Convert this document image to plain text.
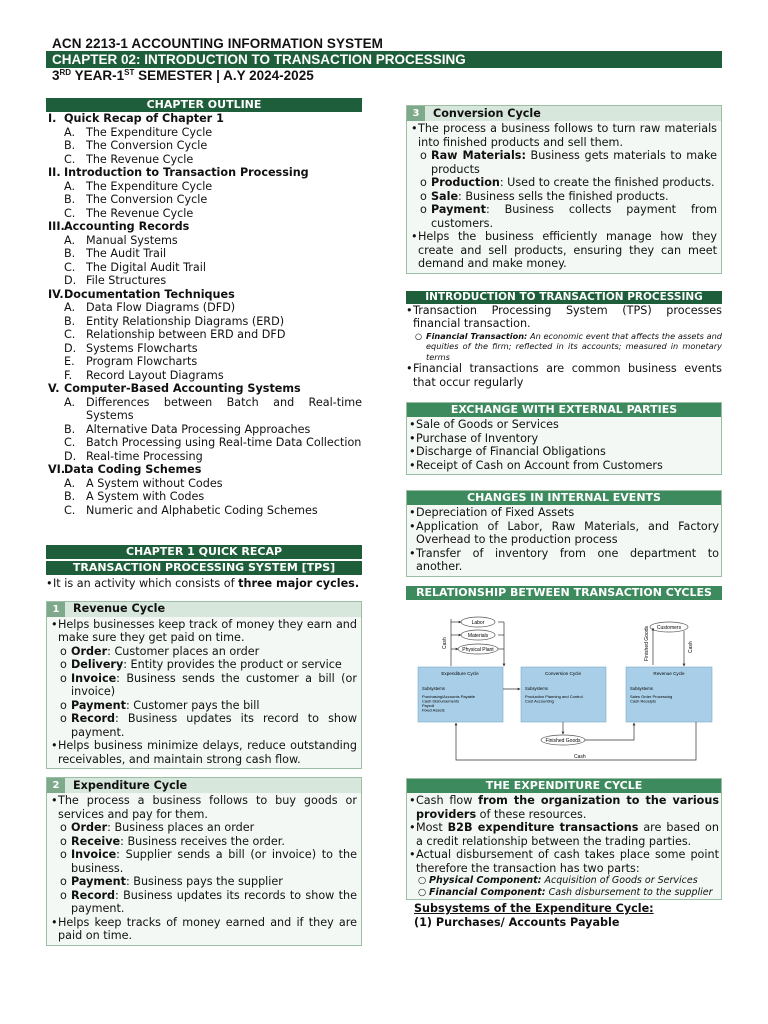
ACN 2213-1 ACCOUNTING INFORMATION SYSTEM
CHAPTER 02: INTRODUCTION TO TRANSACTION PROCESSING
3RD YEAR-1ST SEMESTER | A.Y 2024-2025
CHAPTER OUTLINE
I. Quick Recap of Chapter 1
A. The Expenditure Cycle
B. The Conversion Cycle
C. The Revenue Cycle
II. Introduction to Transaction Processing
A. The Expenditure Cycle
B. The Conversion Cycle
C. The Revenue Cycle
III. Accounting Records
A. Manual Systems
B. The Audit Trail
C. The Digital Audit Trail
D. File Structures
IV. Documentation Techniques
A. Data Flow Diagrams (DFD)
B. Entity Relationship Diagrams (ERD)
C. Relationship between ERD and DFD
D. Systems Flowcharts
E.	Program Flowcharts
F.	Record Layout Diagrams
V. Computer-Based Accounting Systems
A. Differences between Batch and Real-time Systems
B. Alternative Data Processing Approaches
C. Batch Processing using Real-time Data Collection
D. Real-time Processing
VI.
Data Coding Schemes
A. A System without Codes
B. A System with Codes
C. Numeric and Alphabetic Coding Schemes
CHAPTER 1 QUICK RECAP
TRANSACTION PROCESSING SYSTEM [TPS]
• It is an activity which consists of three major cycles.
1	Revenue Cycle
• Helps businesses keep track of money they earn and make sure they get paid on time.
o Order: Customer places an order
o Delivery: Entity provides the product or service
o Invoice: Business sends the customer a bill (or invoice)
o Payment: Customer pays the bill
o Record: Business updates its record to show payment.
• Helps business minimize delays, reduce outstanding receivables, and maintain strong cash flow.
2	Expenditure Cycle
• The process a business follows to buy goods or services and pay for them.
o Order: Business places an order
o Receive: Business receives the order.
o Invoice: Supplier sends a bill (or invoice) to the business.
o Payment: Business pays the supplier
o Record: Business updates its records to show the payment.
• Helps keep tracks of money earned and if they are paid on time.
3	Conversion Cycle
• The process a business follows to turn raw materials into finished products and sell them.
o Raw Materials: Business gets materials to make products
o Production: Used to create the finished products.
o Sale: Business sells the finished products.
o Payment: Business collects payment from customers.
• Helps the business efficiently manage how they create and sell products, ensuring they can meet demand and make money.
INTRODUCTION TO TRANSACTION PROCESSING
• Transaction Processing System (TPS) processes financial transaction.
○ Financial Transaction: An economic event that affects the assets and equities of the firm; reflected in its accounts; measured in monetary terms
• Financial transactions are common business events that occur regularly
EXCHANGE WITH EXTERNAL PARTIES
• Sale of Goods or Services
• Purchase of Inventory
• Discharge of Financial Obligations
• Receipt of Cash on Account from Customers
CHANGES IN INTERNAL EVENTS
• Depreciation of Fixed Assets
• Application of Labor, Raw Materials, and Factory Overhead to the production process
• Transfer of inventory from one department to another.
RELATIONSHIP BETWEEN TRANSACTION CYCLES
Labor
Materials
Physical Plant
Cash
Customers
Finished Goods	Cash
Expenditure Cycle
Subsystems
Purchasing/Accounts Payable
Cash Disbursements
Payroll
Fixed Assets
Conversion Cycle
Subsystems
Production Planning and Control
Cost Accounting
Revenue Cycle
Subsystems
Sales Order Processing
Cash Receipts
Finished Goods
Cash
THE EXPENDITURE CYCLE
• Cash flow from the organization to the various providers of these resources.
• Most B2B expenditure transactions are based on a credit relationship between the trading parties.
• Actual disbursement of cash takes place some point therefore the transaction has two parts:
○ Physical Component: Acquisition of Goods or Services
○ Financial Component: Cash disbursement to the supplier
Subsystems of the Expenditure Cycle:
(1) Purchases/ Accounts Payable
